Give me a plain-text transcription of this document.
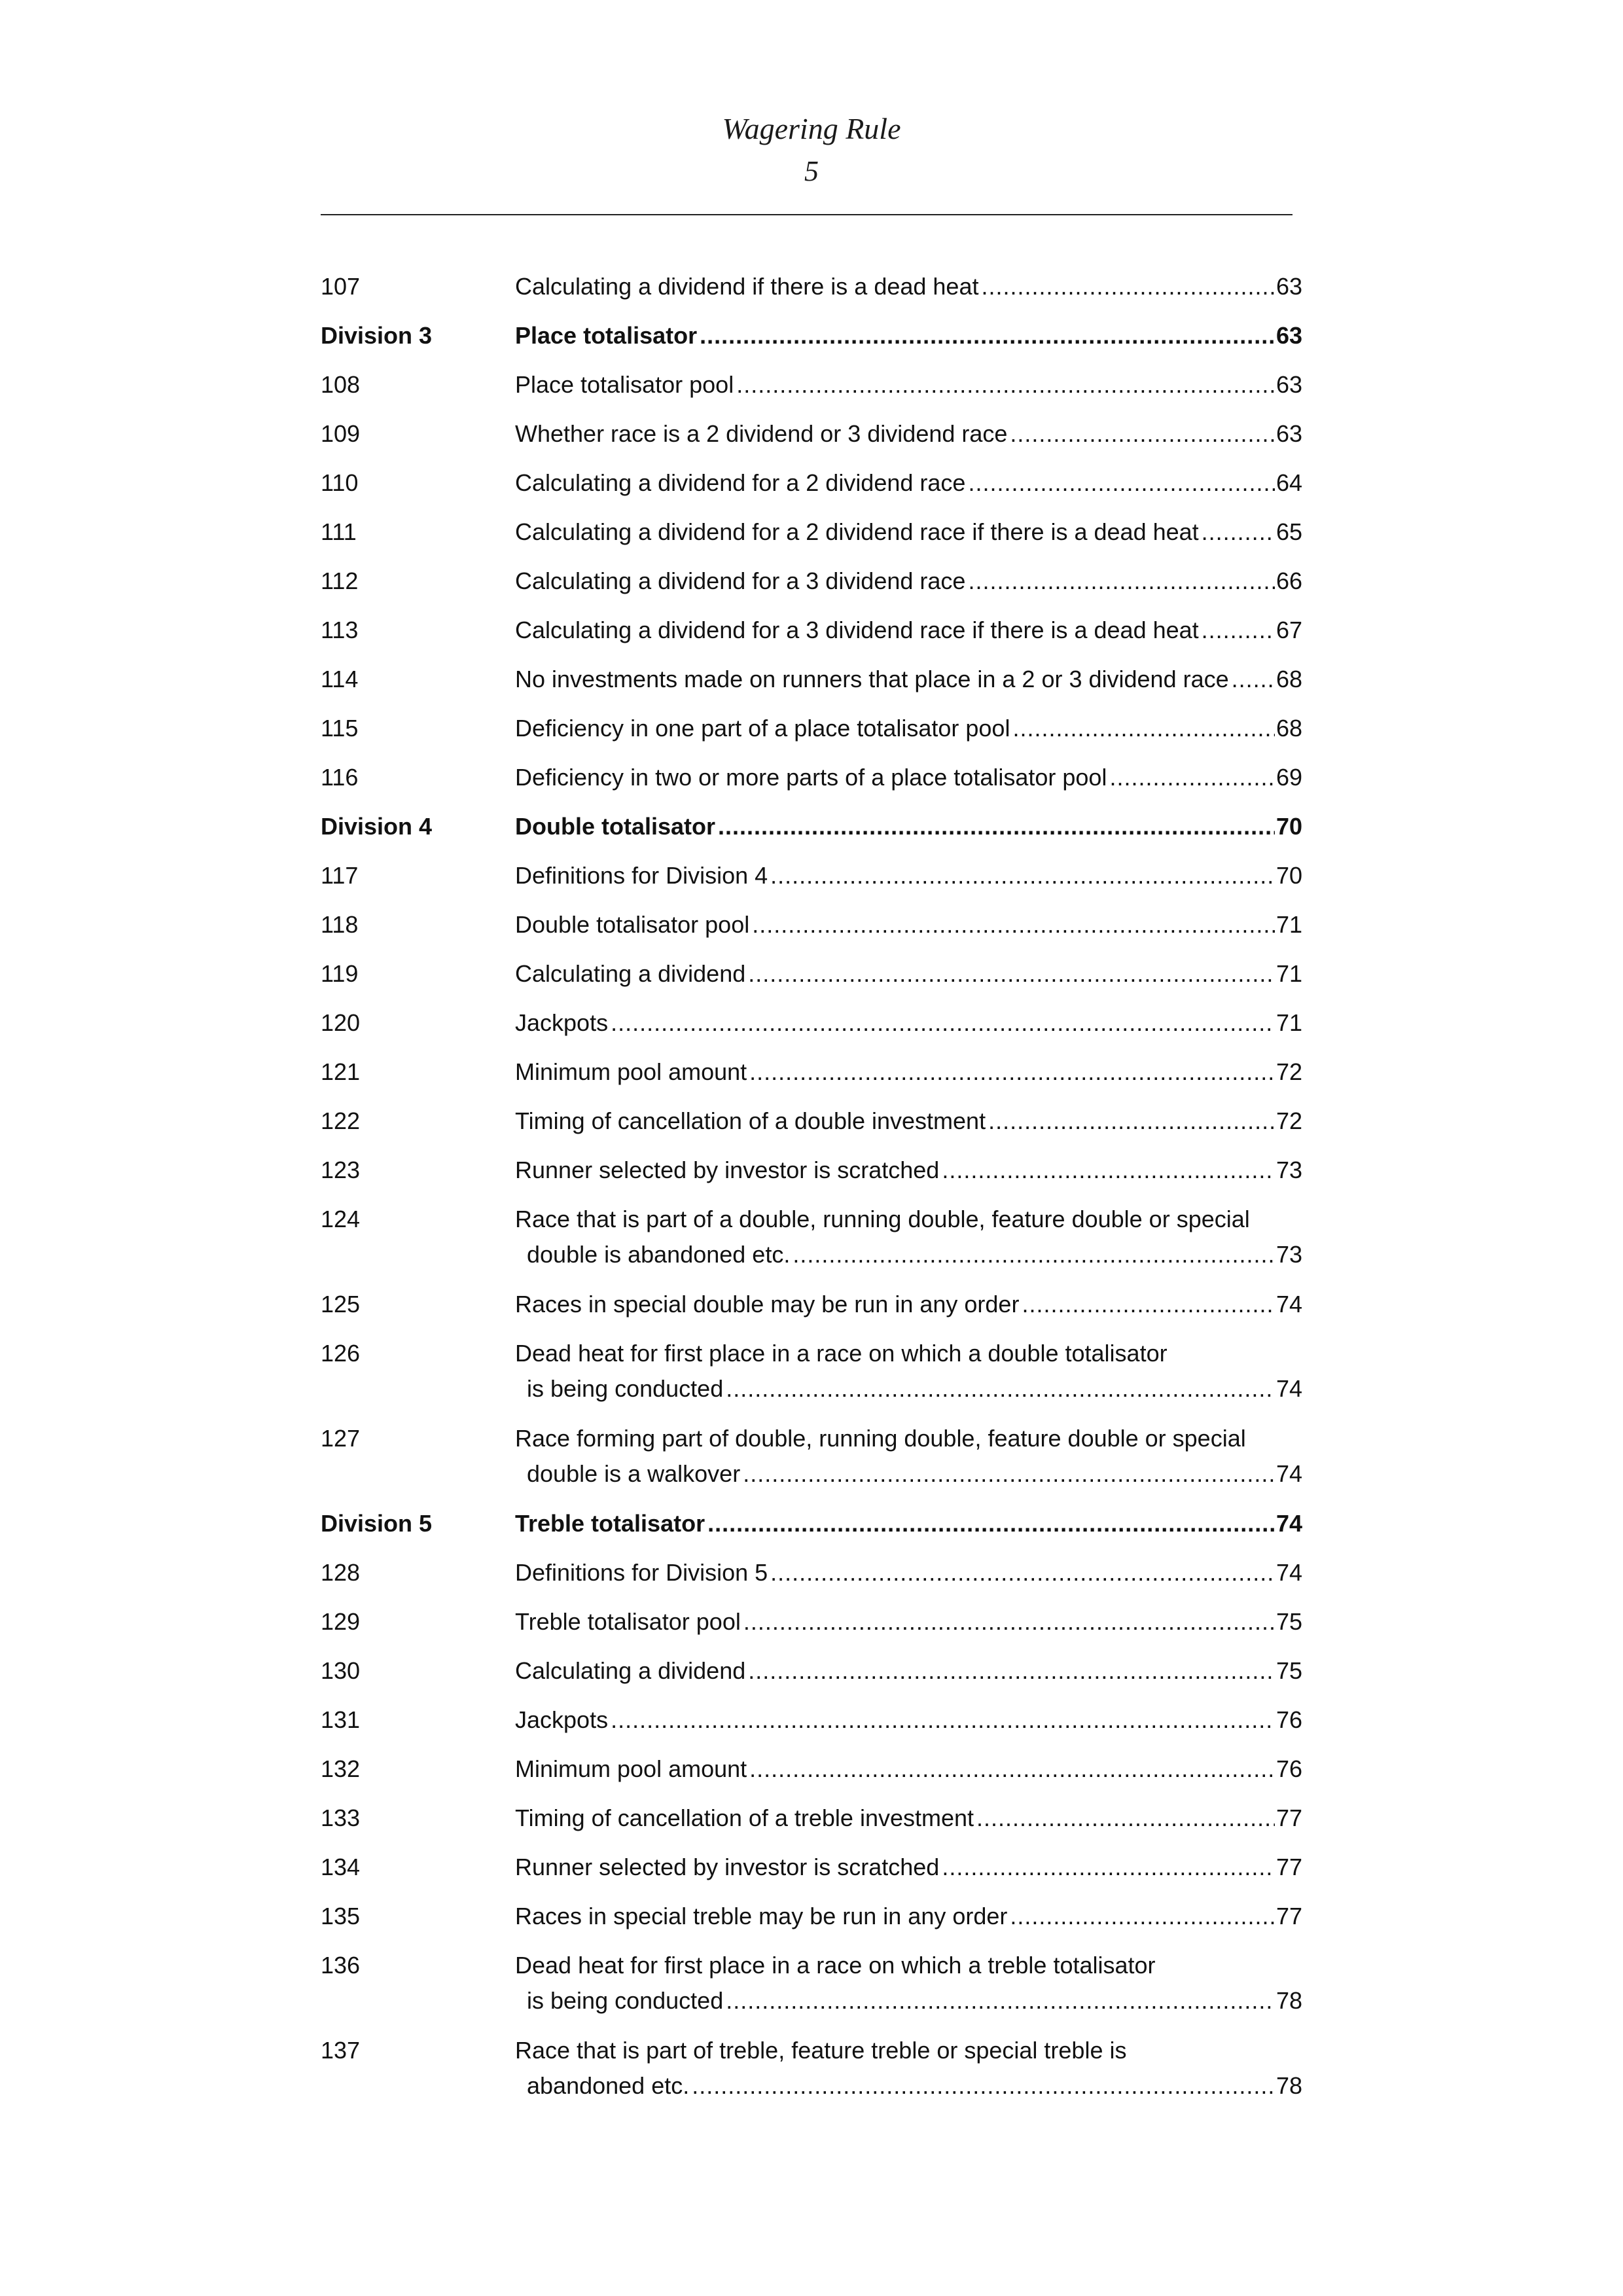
Wagering Rule
5
107	Calculating a dividend if there is a dead heat .....	63
Division 3	Place totalisator .....	63
108	Place totalisator pool .....	63
109	Whether race is a 2 dividend or 3 dividend race .....	63
110	Calculating a dividend for a 2 dividend race .....	64
111	Calculating a dividend for a 2 dividend race if there is a dead heat .....	65
112	Calculating a dividend for a 3 dividend race .....	66
113	Calculating a dividend for a 3 dividend race if there is a dead heat .....	67
114	No investments made on runners that place in a 2 or 3 dividend race ..... 68
115	Deficiency in one part of a place totalisator pool .....	68
116	Deficiency in two or more parts of a place totalisator pool .....	69
Division 4	Double totalisator .....	70
117	Definitions for Division 4 .....	70
118	Double totalisator pool .....	71
119	Calculating a dividend .....	71
120	Jackpots .....	71
121	Minimum pool amount .....	72
122	Timing of cancellation of a double investment .....	72
123	Runner selected by investor is scratched .....	73
124	Race that is part of a double, running double, feature double or special
double is abandoned etc. .....	73
125	Races in special double may be run in any order .....	74
126	Dead heat for first place in a race on which a double totalisator
is being conducted .....	74
127	Race forming part of double, running double, feature double or special
double is a walkover .....	74
Division 5	Treble totalisator .....	74
128	Definitions for Division 5 .....	74
129	Treble totalisator pool .....	75
130	Calculating a dividend .....	75
131	Jackpots .....	76
132	Minimum pool amount .....	76
133	Timing of cancellation of a treble investment .....	77
134	Runner selected by investor is scratched .....	77
135	Races in special treble may be run in any order .....	77
136	Dead heat for first place in a race on which a treble totalisator
is being conducted .....	78
137	Race that is part of treble, feature treble or special treble is
abandoned etc. .....	78
